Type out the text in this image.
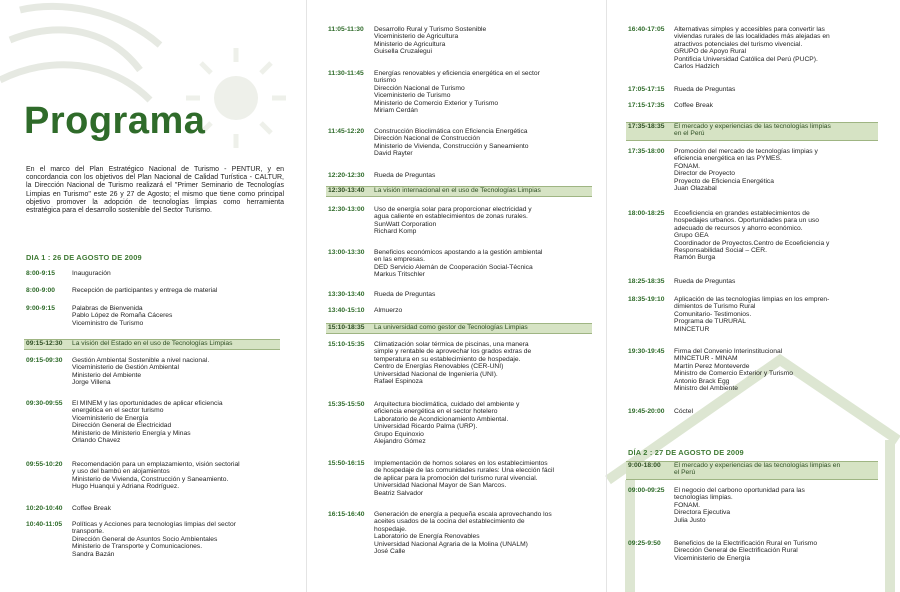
Programa
En el marco del Plan Estratégico Nacional de Turismo - PENTUR, y en concordancia con los objetivos del Plan Nacional de Calidad Turística - CALTUR, la Dirección Nacional de Turismo realizará el "Primer Seminario de Tecnologías Limpias en Turismo" este 26 y 27 de Agosto; el mismo que tiene como principal objetivo promover la adopción de tecnologías limpias como herramienta estratégica para el desarrollo sostenible del Sector Turismo.
DIA 1 : 26 DE AGOSTO DE 2009
DÍA 2 : 27 DE AGOSTO DE 2009
8:00-9:15	Inauguración
8:00-9:00	Recepción de participantes y entrega de material
9:00-9:15	Palabras de Bienvenida
Pablo López de Romaña Cáceres
Viceministro de Turismo
09:15-12:30 La visión del Estado en el uso de Tecnologías Limpias
09:15-09:30 Gestión Ambiental Sostenible a nivel nacional.
Viceministerio de Gestión Ambiental
Ministerio del Ambiente
Jorge Villena
09:30-09:55 El MINEM y las oportunidades de aplicar eficiencia
energética en el sector turismo
Viceministerio de Energía
Dirección General de Electricidad
Ministerio de Ministerio Energía y Minas
Orlando Chavez
09:55-10:20 Recomendación para un emplazamiento, visión sectorial
y uso del bambú en alojamientos
Ministerio de Vivienda, Construcción y Saneamiento.
Hugo Huanqui y Adriana Rodríguez.
10:20-10:40 Coffee Break
10:40-11:05 Políticas y Acciones para tecnologías limpias del sector
transporte.
Dirección General de Asuntos Socio Ambientales
Ministerio de Transporte y Comunicaciones.
Sandra Bazán
11:05-11:30 Desarrollo Rural y Turismo Sostenible
Viceministerio de Agricultura
Ministerio de Agricultura
Guisella Cruzalegui
11:30-11:45 Energías renovables y eficiencia energética en el sector
turismo
Dirección Nacional de Turismo
Viceministerio de Turismo
Ministerio de Comercio Exterior y Turismo
Miriam Cerdán
11:45-12:20 Construcción Bioclimática con Eficiencia Energética
Dirección Nacional de Construcción
Ministerio de Vivienda, Construcción y Saneamiento
David Rayter
12:20-12:30 Rueda de Preguntas
12:30-13:40 La visión internacional en el uso de Tecnologías Limpias
12:30-13:00 Uso de energía solar para proporcionar electricidad y
agua caliente en establecimientos de zonas rurales.
SunWatt Corporation
Richard Komp
13:00-13:30 Beneficios económicos apostando a la gestión ambiental
en las empresas.
DED Servicio Alemán de Cooperación Social-Técnica
Markus Tritschler
13:30-13:40 Rueda de Preguntas
13:40-15:10 Almuerzo
15:10-18:35 La universidad como gestor de Tecnologías Limpias
15:10-15:35 Climatización solar térmica de piscinas, una manera
simple y rentable de aprovechar los grados extras de
temperatura en su establecimiento de hospedaje.
Centro de Energías Renovables (CER-UNI)
Universidad Nacional de Ingeniería (UNI).
Rafael Espinoza
15:35-15:50 Arquitectura bioclimática, cuidado del ambiente y
eficiencia energética en el sector hotelero
Laboratorio de Acondicionamiento Ambiental.
Universidad Ricardo Palma (URP).
Grupo Equinoxio
Alejandro Gómez
15:50-16:15 Implementación de hornos solares en los establecimientos
de hospedaje de las comunidades rurales: Una elección fácil
de aplicar para la promoción del turismo rural vivencial.
Universidad Nacional Mayor de San Marcos.
Beatriz Salvador
16:15-16:40 Generación de energía a pequeña escala aprovechando los
aceites usados de la cocina del establecimiento de
hospedaje.
Laboratorio de Energía Renovables
Universidad Nacional Agraria de la Molina (UNALM)
José Calle
16:40-17:05 Alternativas simples y accesibles para convertir las
viviendas rurales de las localidades más alejadas en
atractivos potenciales del turismo vivencial.
GRUPO de Apoyo Rural
Pontificia Universidad Católica del Perú (PUCP).
Carlos Hadzich
17:05-17:15 Rueda de Preguntas
17:15-17:35 Coffee Break
17:35-18:35 El mercado y experiencias de las tecnologías limpias
en el Perú
17:35-18:00 Promoción del mercado de tecnologías limpias y
eficiencia energética en las PYMES.
FONAM.
Director de Proyecto
Proyecto de Eficiencia Energética
Juan Olazabal
18:00-18:25 Ecoeficiencia en grandes establecimientos de
hospedajes urbanos. Oportunidades para un uso
adecuado de recursos y ahorro económico.
Grupo GEA
Coordinador de Proyectos.Centro de Ecoeficiencia y
Responsabilidad Social – CER.
Ramón Burga
18:25-18:35 Rueda de Preguntas
18:35-19:10 Aplicación de las tecnologías limpias en los empren-
dimientos de Turismo Rural
Comunitario- Testimonios.
Programa de TURURAL
MINCETUR
19:30-19:45 Firma del Convenio Interinstitucional
MINCETUR - MINAM
Martín Perez Monteverde
Ministro de Comercio Exterior y Turismo
Antonio Brack Egg
Ministro del Ambiente
19:45-20:00 Cóctel
9:00-18:00 El mercado y experiencias de las tecnologías limpias en
el Perú
09:00-09:25 El negocio del carbono oportunidad para las
tecnologías limpias.
FONAM.
Directora Ejecutiva
Julia Justo
09:25-9:50 Beneficios de la Electrificación Rural en Turismo
Dirección General de Electrificación Rural
Viceministerio de Energía
